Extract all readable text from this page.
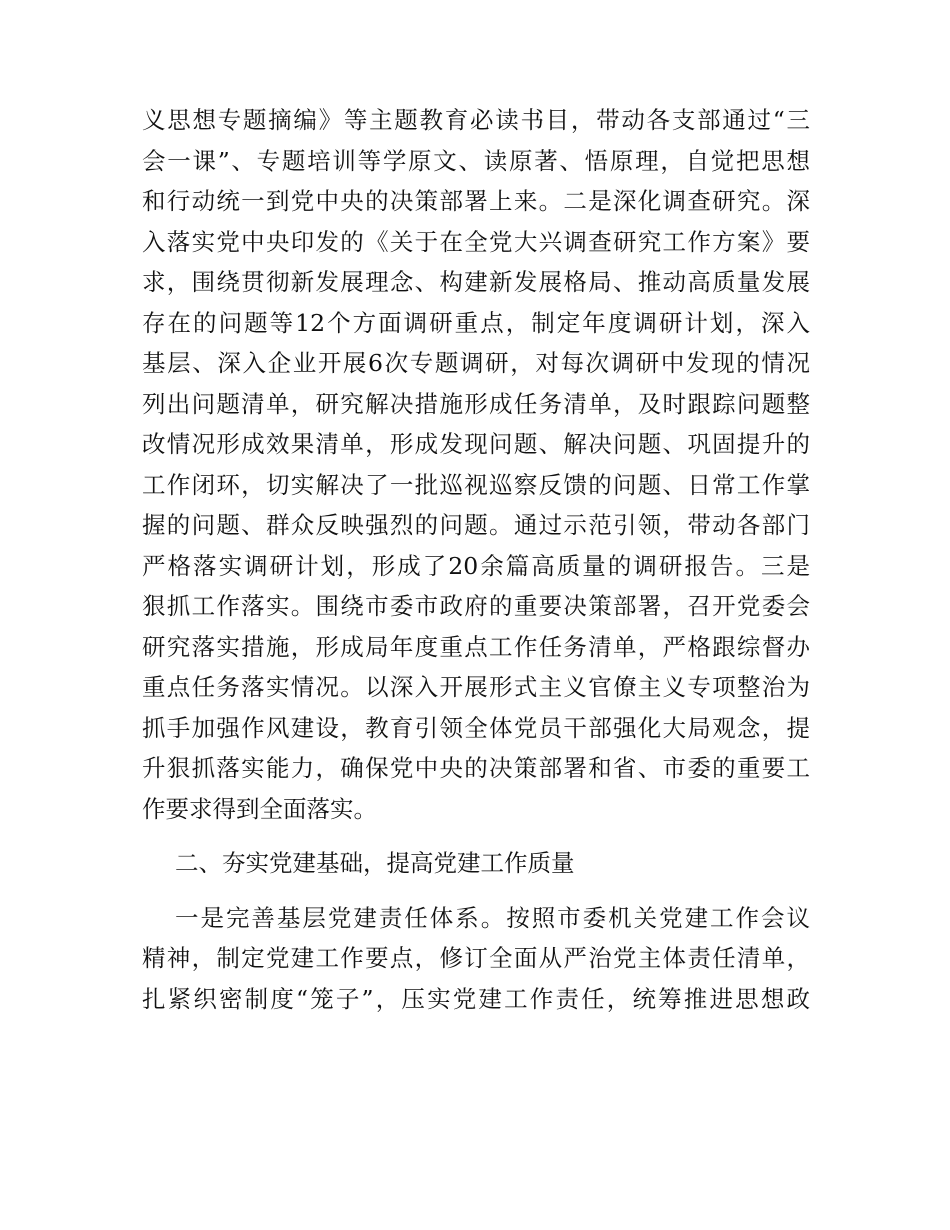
义思想专题摘编》等主题教育必读书目，带动各支部通过“三
会一课”、专题培训等学原文、读原著、悟原理，自觉把思想
和行动统一到党中央的决策部署上来。二是深化调查研究。深
入落实党中央印发的《关于在全党大兴调查研究工作方案》要
求，围绕贯彻新发展理念、构建新发展格局、推动高质量发展
存在的问题等12个方面调研重点，制定年度调研计划，深入
基层、深入企业开展6次专题调研，对每次调研中发现的情况
列出问题清单，研究解决措施形成任务清单，及时跟踪问题整
改情况形成效果清单，形成发现问题、解决问题、巩固提升的
工作闭环，切实解决了一批巡视巡察反馈的问题、日常工作掌
握的问题、群众反映强烈的问题。通过示范引领，带动各部门
严格落实调研计划，形成了20余篇高质量的调研报告。三是
狠抓工作落实。围绕市委市政府的重要决策部署，召开党委会
研究落实措施，形成局年度重点工作任务清单，严格跟综督办
重点任务落实情况。以深入开展形式主义官僚主义专项整治为
抓手加强作风建设，教育引领全体党员干部强化大局观念，提
升狠抓落实能力，确保党中央的决策部署和省、市委的重要工
作要求得到全面落实。
二、夯实党建基础，提高党建工作质量
一是完善基层党建责任体系。按照市委机关党建工作会议
精神，制定党建工作要点，修订全面从严治党主体责任清单，
扎紧织密制度“笼子”，压实党建工作责任，统筹推进思想政
